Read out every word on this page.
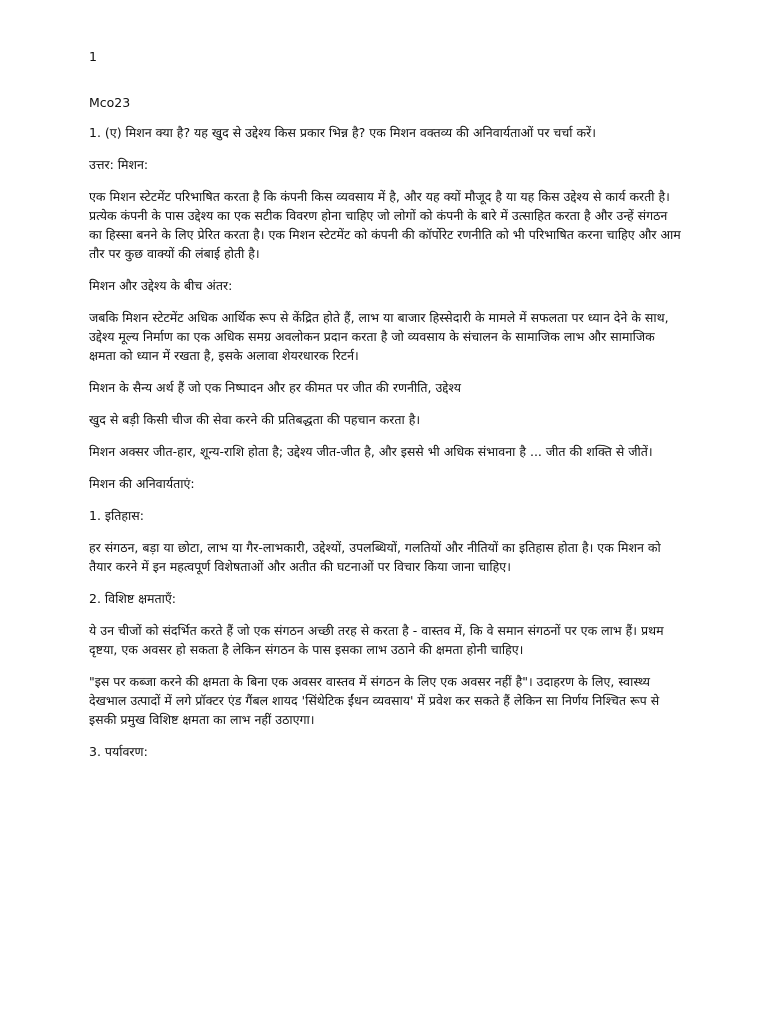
1

Mco23

1. (ए) मिशन क्या है? यह खुद से उद्देश्य किस प्रकार भिन्न है? एक मिशन वक्तव्य की अनिवार्यताओं पर चर्चा करें।

उत्तर: मिशन:

एक मिशन स्टेटमेंट परिभाषित करता है कि कंपनी किस व्यवसाय में है, और यह क्यों मौजूद है या यह किस उद्देश्य से कार्य करती है। प्रत्येक कंपनी के पास उद्देश्य का एक सटीक विवरण होना चाहिए जो लोगों को कंपनी के बारे में उत्साहित करता है और उन्हें संगठन का हिस्सा बनने के लिए प्रेरित करता है। एक मिशन स्टेटमेंट को कंपनी की कॉर्पोरेट रणनीति को भी परिभाषित करना चाहिए और आम तौर पर कुछ वाक्यों की लंबाई होती है।

मिशन और उद्देश्य के बीच अंतर:

जबकि मिशन स्टेटमेंट अधिक आर्थिक रूप से केंद्रित होते हैं, लाभ या बाजार हिस्सेदारी के मामले में सफलता पर ध्यान देने के साथ, उद्देश्य मूल्य निर्माण का एक अधिक समग्र अवलोकन प्रदान करता है जो व्यवसाय के संचालन के सामाजिक लाभ और सामाजिक क्षमता को ध्यान में रखता है, इसके अलावा शेयरधारक रिटर्न।

मिशन के सैन्य अर्थ हैं जो एक निष्पादन और हर कीमत पर जीत की रणनीति, उद्देश्य

खुद से बड़ी किसी चीज की सेवा करने की प्रतिबद्धता की पहचान करता है।

मिशन अक्सर जीत-हार, शून्य-राशि होता है; उद्देश्य जीत-जीत है, और इससे भी अधिक संभावना है ... जीत की शक्ति से जीतें।

मिशन की अनिवार्यताएं:

1. इतिहास:

हर संगठन, बड़ा या छोटा, लाभ या गैर-लाभकारी, उद्देश्यों, उपलब्धियों, गलतियों और नीतियों का इतिहास होता है। एक मिशन को तैयार करने में इन महत्वपूर्ण विशेषताओं और अतीत की घटनाओं पर विचार किया जाना चाहिए।

2. विशिष्ट क्षमताएँ:

ये उन चीजों को संदर्भित करते हैं जो एक संगठन अच्छी तरह से करता है - वास्तव में, कि वे समान संगठनों पर एक लाभ हैं। प्रथम दृष्टया, एक अवसर हो सकता है लेकिन संगठन के पास इसका लाभ उठाने की क्षमता होनी चाहिए।

"इस पर कब्जा करने की क्षमता के बिना एक अवसर वास्तव में संगठन के लिए एक अवसर नहीं है"। उदाहरण के लिए, स्वास्थ्य देखभाल उत्पादों में लगे प्रॉक्टर एंड गैंबल शायद 'सिंथेटिक ईंधन व्यवसाय' में प्रवेश कर सकते हैं लेकिन सा निर्णय निश्चित रूप से इसकी प्रमुख विशिष्ट क्षमता का लाभ नहीं उठाएगा।

3. पर्यावरण:
